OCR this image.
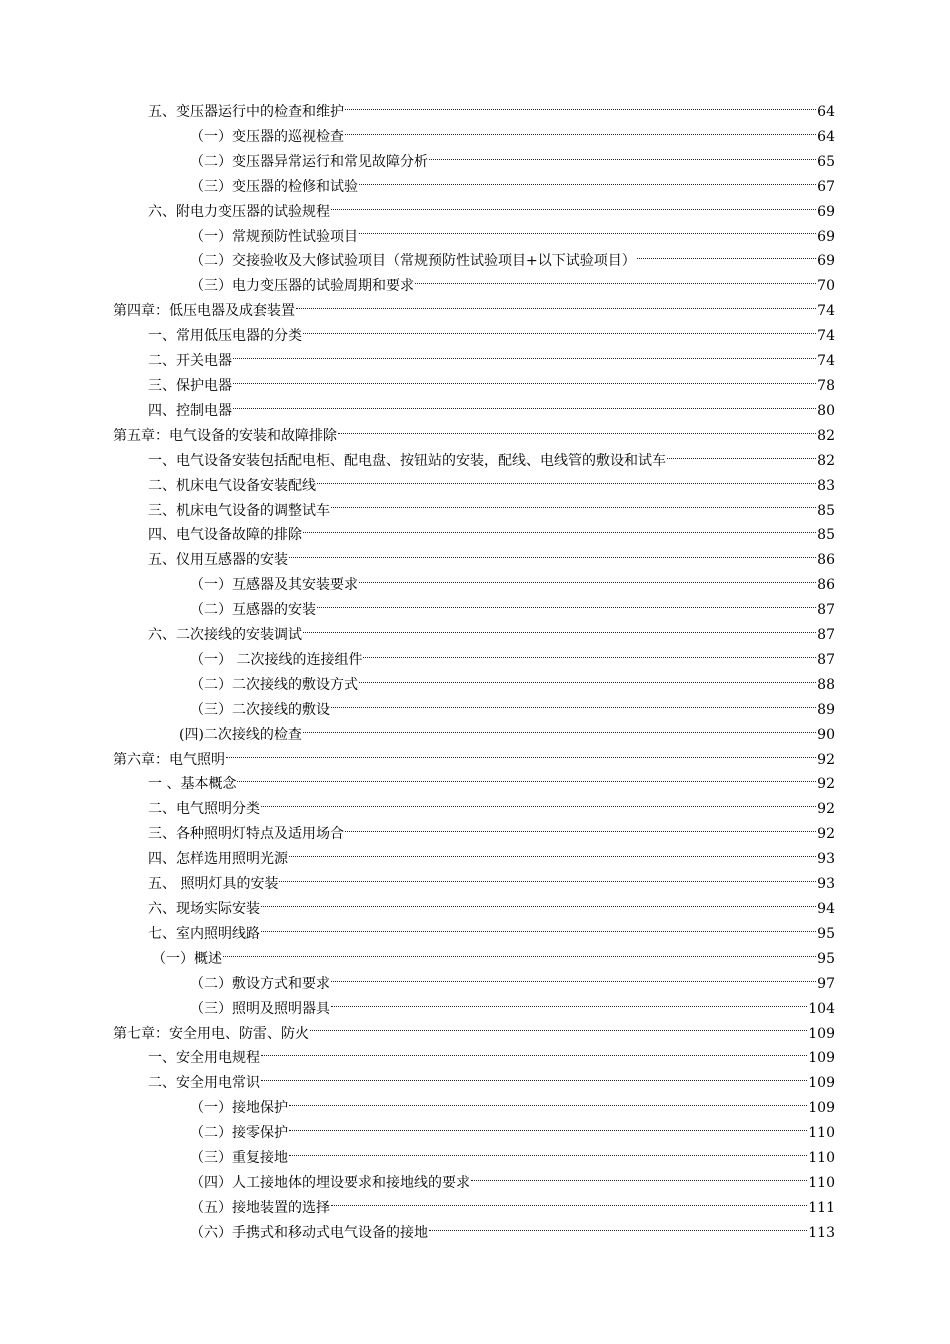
五、变压器运行中的检查和维护	64
（一）变压器的巡视检查	64
（二）变压器异常运行和常见故障分析	65
（三）变压器的检修和试验	67
六、附电力变压器的试验规程	69
（一）常规预防性试验项目	69
（二）交接验收及大修试验项目（常规预防性试验项目+以下试验项目）	69
（三）电力变压器的试验周期和要求	70
第四章：低压电器及成套装置	74
一、常用低压电器的分类	74
二、开关电器	74
三、保护电器	78
四、控制电器	80
第五章：电气设备的安装和故障排除	82
一、电气设备安装包括配电柜、配电盘、按钮站的安装，配线、电线管的敷设和试车	82
二、机床电气设备安装配线	83
三、机床电气设备的调整试车	85
四、电气设备故障的排除	85
五、仪用互感器的安装	86
（一）互感器及其安装要求	86
（二）互感器的安装	87
六、二次接线的安装调试	87
（一） 二次接线的连接组件	87
（二）二次接线的敷设方式	88
（三）二次接线的敷设	89
(四)二次接线的检查	90
第六章：电气照明	92
一 、基本概念	92
二、电气照明分类	92
三、各种照明灯特点及适用场合	92
四、怎样选用照明光源	93
五、 照明灯具的安装	93
六、现场实际安装	94
七、室内照明线路	95
（一）概述	95
（二）敷设方式和要求	97
（三）照明及照明器具	104
第七章：安全用电、防雷、防火	109
一、安全用电规程	109
二、安全用电常识	109
（一）接地保护	109
（二）接零保护	110
（三）重复接地	110
（四）人工接地体的埋设要求和接地线的要求	110
（五）接地装置的选择	111
（六）手携式和移动式电气设备的接地	113
